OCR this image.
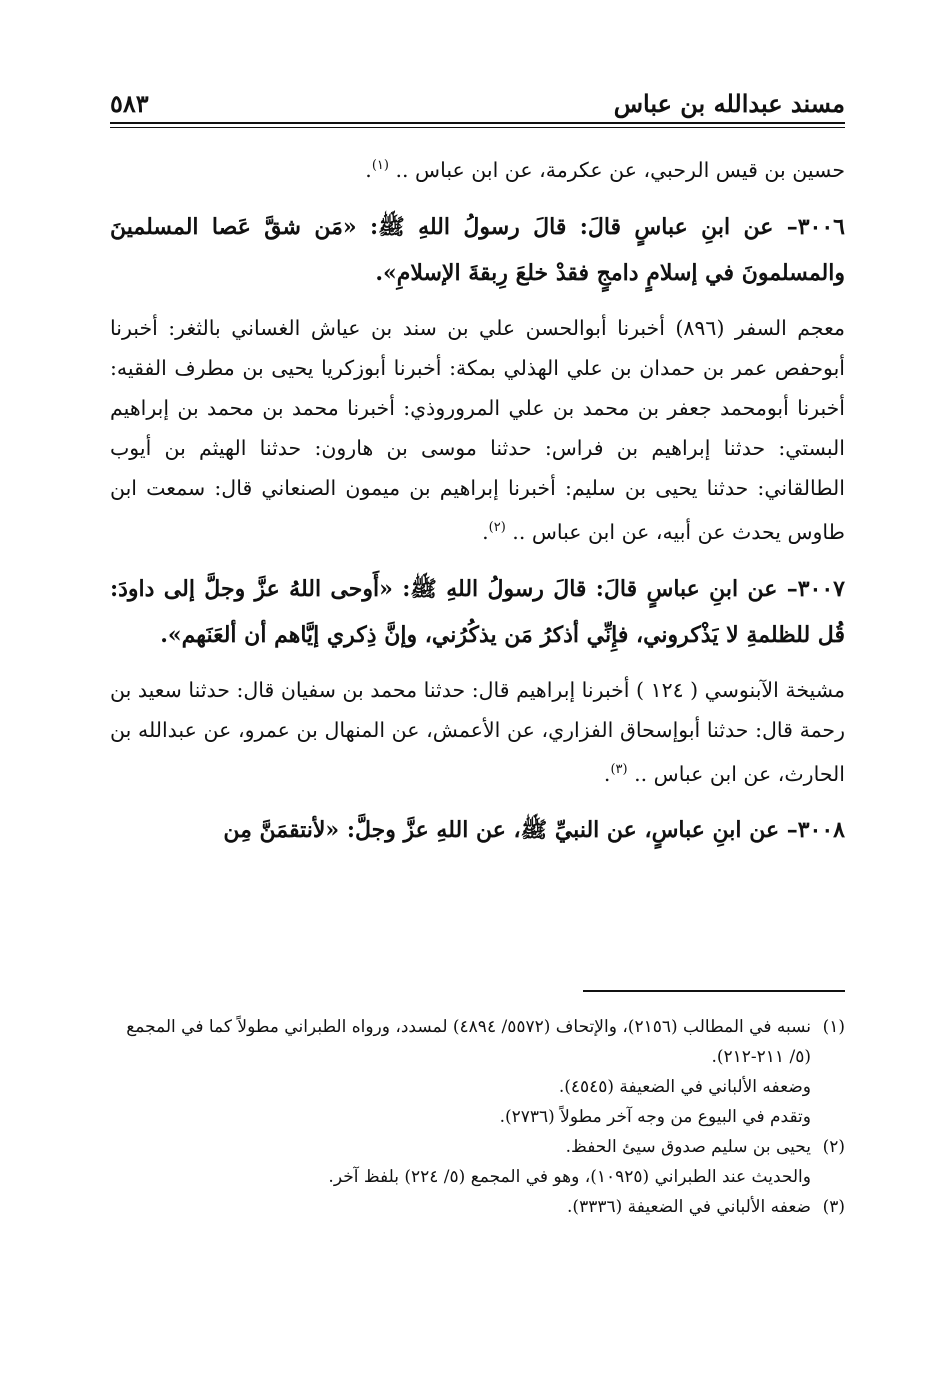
مسند عبدالله بن عباس
٥٨٣

حسين بن قيس الرحبي، عن عكرمة، عن ابن عباس .. $^{(١)}$.

٣٠٠٦– عن ابنِ عباسٍ قالَ: قالَ رسولُ اللهِ ﷺ: «مَن شقَّ عَصا المسلمينَ والمسلمونَ في إسلامٍ دامجٍ فقدْ خلعَ رِبقةَ الإسلامِ».

معجم السفر (٨٩٦) أخبرنا أبوالحسن علي بن سند بن عياش الغساني بالثغر: أخبرنا أبوحفص عمر بن حمدان بن علي الهذلي بمكة: أخبرنا أبوزكريا يحيى بن مطرف الفقيه: أخبرنا أبومحمد جعفر بن محمد بن علي المروروذي: أخبرنا محمد بن محمد بن إبراهيم البستي: حدثنا إبراهيم بن فراس: حدثنا موسى بن هارون: حدثنا الهيثم بن أيوب الطالقاني: حدثنا يحيى بن سليم: أخبرنا إبراهيم بن ميمون الصنعاني قال: سمعت ابن طاوس يحدث عن أبيه، عن ابن عباس .. $^{(٢)}$.

٣٠٠٧– عن ابنِ عباسٍ قالَ: قالَ رسولُ اللهِ ﷺ: «أَوحى اللهُ عزَّ وجلَّ إلى داودَ: قُل للظلمةِ لا يَذْكروني، فإِنِّي أذكرُ مَن يذكُرُني، وإنَّ ذِكري إيَّاهم أن ألعَنَهم».

مشيخة الآبنوسي ( ١٢٤ ) أخبرنا إبراهيم قال: حدثنا محمد بن سفيان قال: حدثنا سعيد بن رحمة قال: حدثنا أبوإسحاق الفزاري، عن الأعمش، عن المنهال بن عمرو، عن عبدالله بن الحارث، عن ابن عباس .. $^{(٣)}$.

٣٠٠٨– عن ابنِ عباسٍ، عن النبيِّ ﷺ، عن اللهِ عزَّ وجلَّ: «لأنتقمَنَّ مِن

(١)
نسبه في المطالب (٢١٥٦)، والإتحاف (٥٥٧٢/ ٤٨٩٤) لمسدد، ورواه الطبراني مطولاً كما في المجمع (٥/ ٢١١-٢١٢).

وضعفه الألباني في الضعيفة (٤٥٤٥).

وتقدم في البيوع من وجه آخر مطولاً (٢٧٣٦).

(٢)
يحيى بن سليم صدوق سيئ الحفظ.

والحديث عند الطبراني (١٠٩٢٥)، وهو في المجمع (٥/ ٢٢٤) بلفظ آخر.

(٣)
ضعفه الألباني في الضعيفة (٣٣٣٦).
